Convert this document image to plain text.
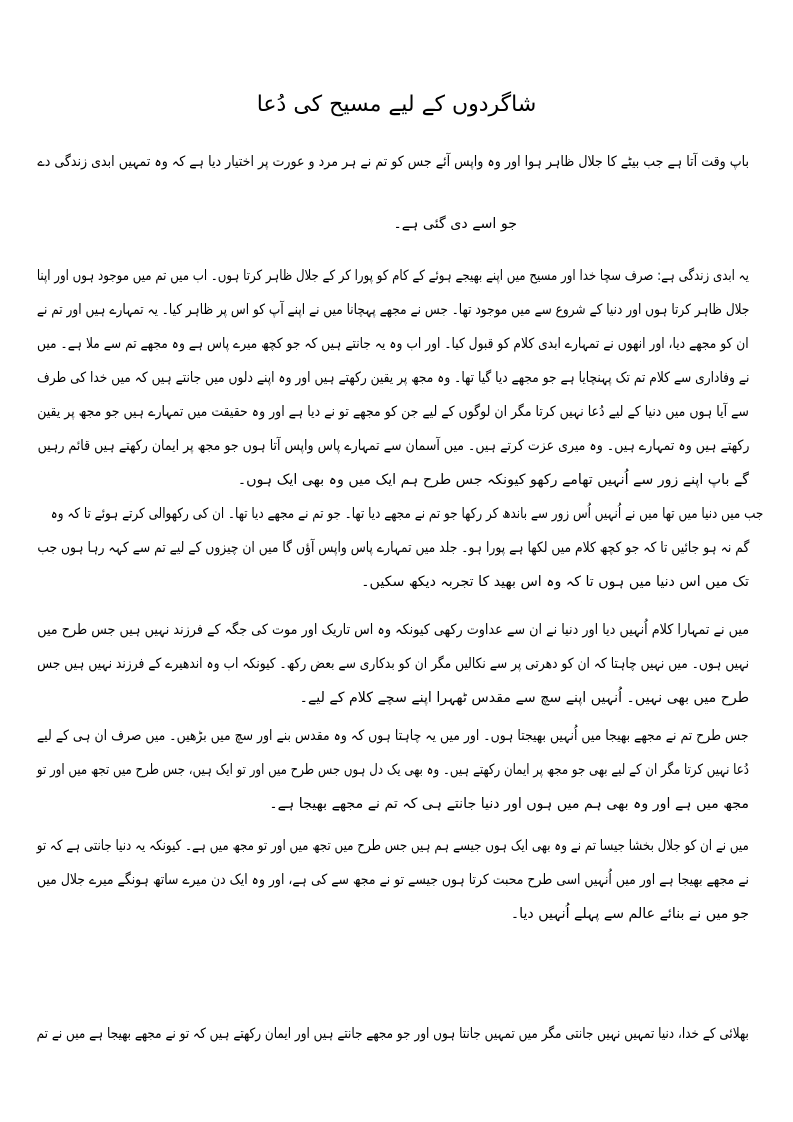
شاگردوں کے لیے مسیح کی دُعا
باپ وقت آتا ہے جب بیٹے کا جلال ظاہر ہوا اور وہ واپس آئے جس کو تم نے ہر مرد و عورت پر اختیار دیا ہے کہ وہ تمہیں ابدی زندگی دے
جو اسے دی گئی ہے۔
یہ ابدی زندگی ہے: صرف سچا خدا اور مسیح میں اپنے بھیجے ہوئے کے کام کو پورا کر کے جلال ظاہر کرتا ہوں۔ اب میں تم میں موجود ہوں اور اپنا
جلال ظاہر کرتا ہوں اور دنیا کے شروع سے میں موجود تھا۔ جس نے مجھے پہچانا میں نے اپنے آپ کو اس پر ظاہر کیا۔ یہ تمہارے ہیں اور تم نے
ان کو مجھے دیا، اور انھوں نے تمہارے ابدی کلام کو قبول کیا۔ اور اب وہ یہ جانتے ہیں کہ جو کچھ میرے پاس ہے وہ مجھے تم سے ملا ہے۔ میں
نے وفاداری سے کلام تم تک پہنچایا ہے جو مجھے دیا گیا تھا۔ وہ مجھ پر یقین رکھتے ہیں اور وہ اپنے دلوں میں جانتے ہیں کہ میں خدا کی طرف
سے آیا ہوں میں دنیا کے لیے دُعا نہیں کرتا مگر ان لوگوں کے لیے جن کو مجھے تو نے دیا ہے اور وہ حقیقت میں تمہارے ہیں جو مجھ پر یقین
رکھتے ہیں وہ تمہارے ہیں۔ وہ میری عزت کرتے ہیں۔ میں آسمان سے تمہارے پاس واپس آتا ہوں جو مجھ پر ایمان رکھتے ہیں قائم رہیں
گے باپ اپنے زور سے اُنہیں تھامے رکھو کیونکہ جس طرح ہم ایک میں وہ بھی ایک ہوں۔
جب میں دنیا میں تھا میں نے اُنہیں اُس زور سے باندھ کر رکھا جو تم نے مجھے دیا تھا۔ جو تم نے مجھے دیا تھا۔ ان کی رکھوالی کرتے ہوئے تا کہ وہ
گم نہ ہو جائیں تا کہ جو کچھ کلام میں لکھا ہے پورا ہو۔ جلد میں تمہارے پاس واپس آؤں گا میں ان چیزوں کے لیے تم سے کہہ رہا ہوں جب
تک میں اس دنیا میں ہوں تا کہ وہ اس بھید کا تجربہ دیکھ سکیں۔
میں نے تمہارا کلام اُنہیں دیا اور دنیا نے ان سے عداوت رکھی کیونکہ وہ اس تاریک اور موت کی جگہ کے فرزند نہیں ہیں جس طرح میں
نہیں ہوں۔ میں نہیں چاہتا کہ ان کو دھرتی پر سے نکالیں مگر ان کو بدکاری سے بعض رکھ۔ کیونکہ اب وہ اندھیرے کے فرزند نہیں ہیں جس
طرح میں بھی نہیں۔ اُنہیں اپنے سچ سے مقدس ٹھہرا اپنے سچے کلام کے لیے۔
جس طرح تم نے مجھے بھیجا میں اُنہیں بھیجتا ہوں۔ اور میں یہ چاہتا ہوں کہ وہ مقدس بنے اور سچ میں بڑھیں۔ میں صرف ان ہی کے لیے
دُعا نہیں کرتا مگر ان کے لیے بھی جو مجھ پر ایمان رکھتے ہیں۔ وہ بھی یک دل ہوں جس طرح میں اور تو ایک ہیں، جس طرح میں تجھ میں اور تو
مجھ میں ہے اور وہ بھی ہم میں ہوں اور دنیا جانتے ہی کہ تم نے مجھے بھیجا ہے۔
میں نے ان کو جلال بخشا جیسا تم نے وہ بھی ایک ہوں جیسے ہم ہیں جس طرح میں تجھ میں اور تو مجھ میں ہے۔ کیونکہ یہ دنیا جانتی ہے کہ تو
نے مجھے بھیجا ہے اور میں اُنہیں اسی طرح محبت کرتا ہوں جیسے تو نے مجھ سے کی ہے، اور وہ ایک دن میرے ساتھ ہونگے میرے جلال میں
جو میں نے بنائے عالم سے پہلے اُنہیں دیا۔
بھلائی کے خدا، دنیا تمہیں نہیں جانتی مگر میں تمہیں جانتا ہوں اور جو مجھے جانتے ہیں اور ایمان رکھتے ہیں کہ تو نے مجھے بھیجا ہے میں نے تم
